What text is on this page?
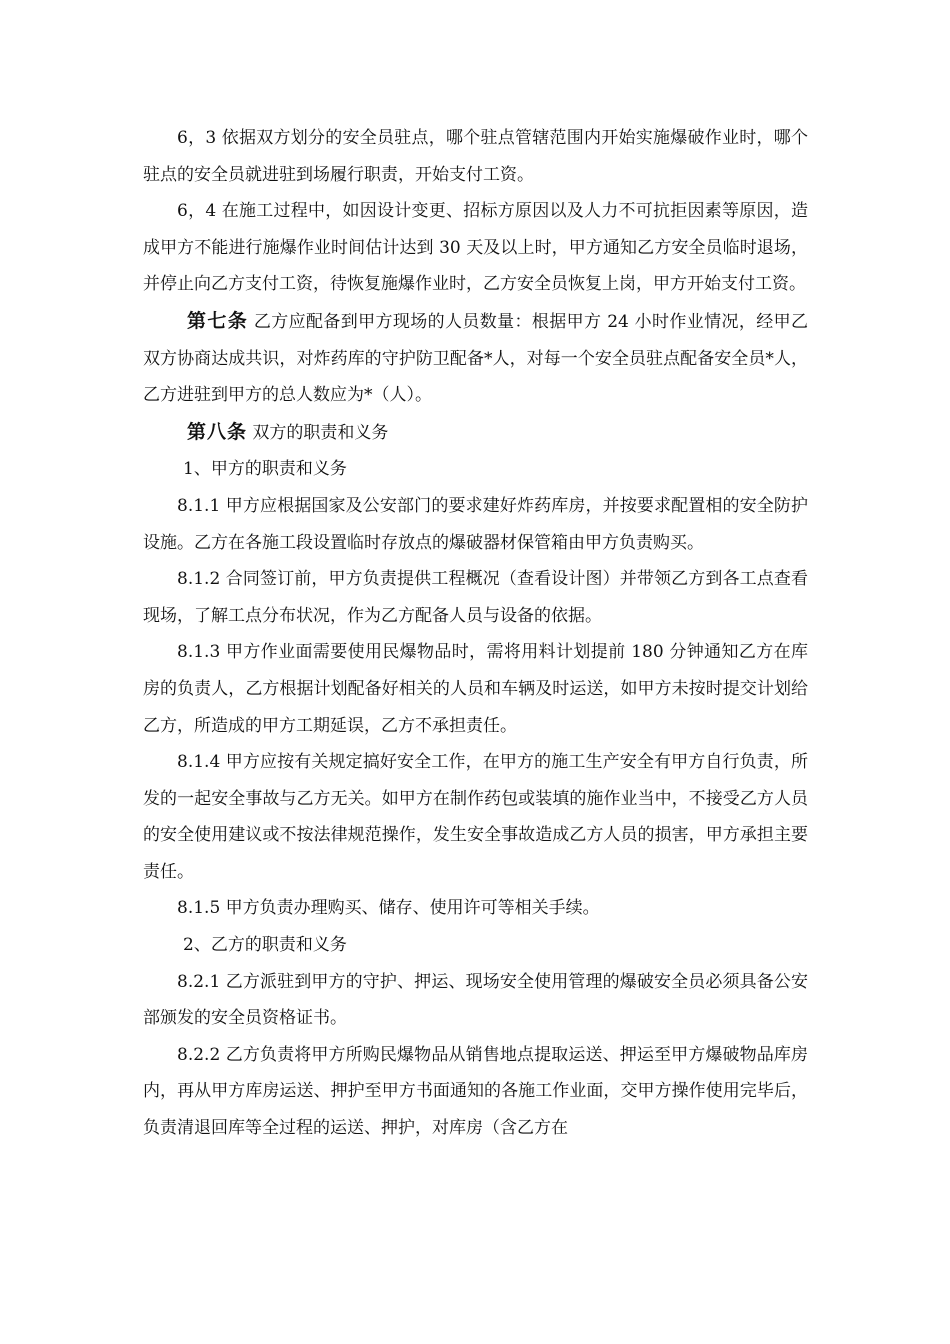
6，3 依据双方划分的安全员驻点，哪个驻点管辖范围内开始实施爆破作业时，哪个驻点的安全员就进驻到场履行职责，开始支付工资。

6，4 在施工过程中，如因设计变更、招标方原因以及人力不可抗拒因素等原因，造成甲方不能进行施爆作业时间估计达到 30 天及以上时，甲方通知乙方安全员临时退场，并停止向乙方支付工资，待恢复施爆作业时，乙方安全员恢复上岗，甲方开始支付工资。

第七条 乙方应配备到甲方现场的人员数量：根据甲方 24 小时作业情况，经甲乙双方协商达成共识，对炸药库的守护防卫配备*人，对每一个安全员驻点配备安全员*人，乙方进驻到甲方的总人数应为*（人）。

第八条 双方的职责和义务

1、甲方的职责和义务

8.1.1 甲方应根据国家及公安部门的要求建好炸药库房，并按要求配置相的安全防护设施。乙方在各施工段设置临时存放点的爆破器材保管箱由甲方负责购买。

8.1.2 合同签订前，甲方负责提供工程概况（查看设计图）并带领乙方到各工点查看现场，了解工点分布状况，作为乙方配备人员与设备的依据。

8.1.3 甲方作业面需要使用民爆物品时，需将用料计划提前 180 分钟通知乙方在库房的负责人，乙方根据计划配备好相关的人员和车辆及时运送，如甲方未按时提交计划给乙方，所造成的甲方工期延误，乙方不承担责任。

8.1.4 甲方应按有关规定搞好安全工作，在甲方的施工生产安全有甲方自行负责，所发的一起安全事故与乙方无关。如甲方在制作药包或装填的施作业当中，不接受乙方人员的安全使用建议或不按法律规范操作，发生安全事故造成乙方人员的损害，甲方承担主要责任。

8.1.5 甲方负责办理购买、储存、使用许可等相关手续。

2、乙方的职责和义务

8.2.1 乙方派驻到甲方的守护、押运、现场安全使用管理的爆破安全员必须具备公安部颁发的安全员资格证书。

8.2.2 乙方负责将甲方所购民爆物品从销售地点提取运送、押运至甲方爆破物品库房内，再从甲方库房运送、押护至甲方书面通知的各施工作业面，交甲方操作使用完毕后，负责清退回库等全过程的运送、押护，对库房（含乙方在
